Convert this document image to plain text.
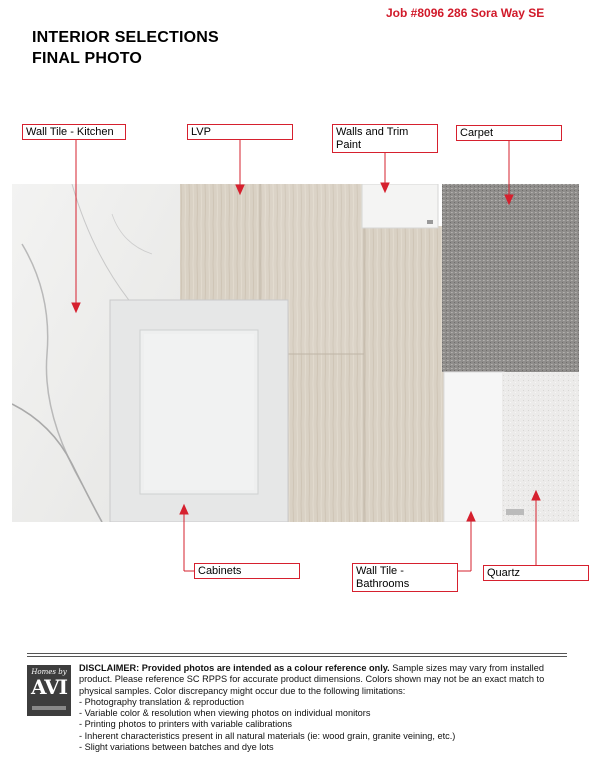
Job #8096 286 Sora Way SE
INTERIOR SELECTIONS
FINAL PHOTO
Wall Tile - Kitchen	LVP	Walls and Trim
Paint
Carpet
Cabinets	Wall Tile -
Bathrooms
Quartz
Homes by
AVI

DISCLAIMER: Provided photos are intended as a colour reference only. Sample sizes may vary from installed product. Please reference SC RPPS for accurate product dimensions. Colors shown may not be an exact match to physical samples. Color discrepancy might occur due to the following limitations:

- Photography translation & reproduction

- Variable color & resolution when viewing photos on individual monitors

- Printing photos to printers with variable calibrations

- Inherent characteristics present in all natural materials (ie: wood grain, granite veining, etc.)

- Slight variations between batches and dye lots
